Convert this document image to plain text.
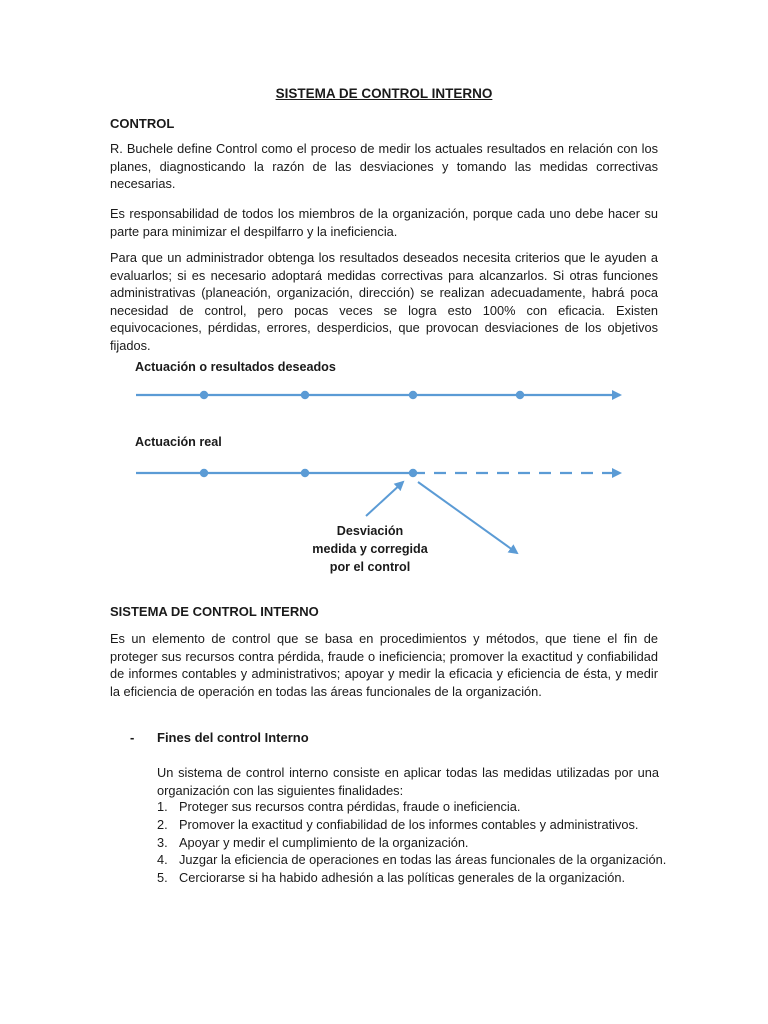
SISTEMA DE CONTROL INTERNO
CONTROL

R. Buchele define Control como el proceso de medir los actuales resultados en relación con los planes, diagnosticando la razón de las desviaciones y tomando las medidas correctivas necesarias.

Es responsabilidad de todos los miembros de la organización, porque cada uno debe hacer su parte para minimizar el despilfarro y la ineficiencia.

Para que un administrador obtenga los resultados deseados necesita criterios que le ayuden a evaluarlos; si es necesario adoptará medidas correctivas para alcanzarlos. Si otras funciones administrativas (planeación, organización, dirección) se realizan adecuadamente, habrá poca necesidad de control, pero pocas veces se logra esto 100% con eficacia. Existen equivocaciones, pérdidas, errores, desperdicios, que provocan desviaciones de los objetivos fijados.

Actuación o resultados deseados
Actuación real
Desviación
medida y corregida
por el control
SISTEMA DE CONTROL INTERNO

Es un elemento de control que se basa en procedimientos y métodos, que tiene el fin de proteger sus recursos contra pérdida, fraude o ineficiencia; promover la exactitud y confiabilidad de informes contables y administrativos; apoyar y medir la eficacia y eficiencia de ésta, y medir la eficiencia de operación en todas las áreas funcionales de la organización.

- Fines del control Interno

Un sistema de control interno consiste en aplicar todas las medidas utilizadas por una organización con las siguientes finalidades:

1. Proteger sus recursos contra pérdidas, fraude o ineficiencia.
2. Promover la exactitud y confiabilidad de los informes contables y administrativos.
3. Apoyar y medir el cumplimiento de la organización.
4. Juzgar la eficiencia de operaciones en todas las áreas funcionales de la organización.
5. Cerciorarse si ha habido adhesión a las políticas generales de la organización.
